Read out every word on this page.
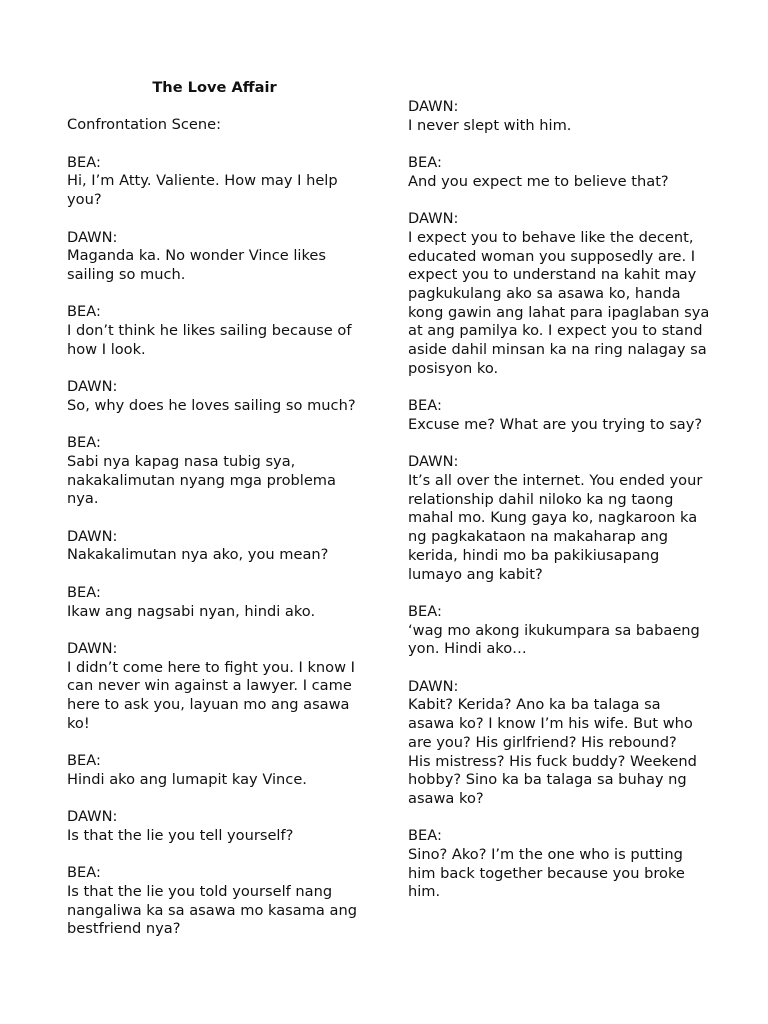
The Love Affair
Confrontation Scene:
BEA:
Hi, I’m Atty. Valiente. How may I help
you?
DAWN:
Maganda ka. No wonder Vince likes
sailing so much.
BEA:
I don’t think he likes sailing because of
how I look.
DAWN:
So, why does he loves sailing so much?
BEA:
Sabi nya kapag nasa tubig sya,
nakakalimutan nyang mga problema
nya.
DAWN:
Nakakalimutan nya ako, you mean?
BEA:
Ikaw ang nagsabi nyan, hindi ako.
DAWN:
I didn’t come here to fight you. I know I
can never win against a lawyer. I came
here to ask you, layuan mo ang asawa
ko!
BEA:
Hindi ako ang lumapit kay Vince.
DAWN:
Is that the lie you tell yourself?
BEA:
Is that the lie you told yourself nang
nangaliwa ka sa asawa mo kasama ang
bestfriend nya?
DAWN:
I never slept with him.
BEA:
And you expect me to believe that?
DAWN:
I expect you to behave like the decent,
educated woman you supposedly are. I
expect you to understand na kahit may
pagkukulang ako sa asawa ko, handa
kong gawin ang lahat para ipaglaban sya
at ang pamilya ko. I expect you to stand
aside dahil minsan ka na ring nalagay sa
posisyon ko.
BEA:
Excuse me? What are you trying to say?
DAWN:
It’s all over the internet. You ended your
relationship dahil niloko ka ng taong
mahal mo. Kung gaya ko, nagkaroon ka
ng pagkakataon na makaharap ang
kerida, hindi mo ba pakikiusapang
lumayo ang kabit?
BEA:
‘wag mo akong ikukumpara sa babaeng
yon. Hindi ako…
DAWN:
Kabit? Kerida? Ano ka ba talaga sa
asawa ko? I know I’m his wife. But who
are you? His girlfriend? His rebound?
His mistress? His fuck buddy? Weekend
hobby? Sino ka ba talaga sa buhay ng
asawa ko?
BEA:
Sino? Ako? I’m the one who is putting
him back together because you broke
him.
